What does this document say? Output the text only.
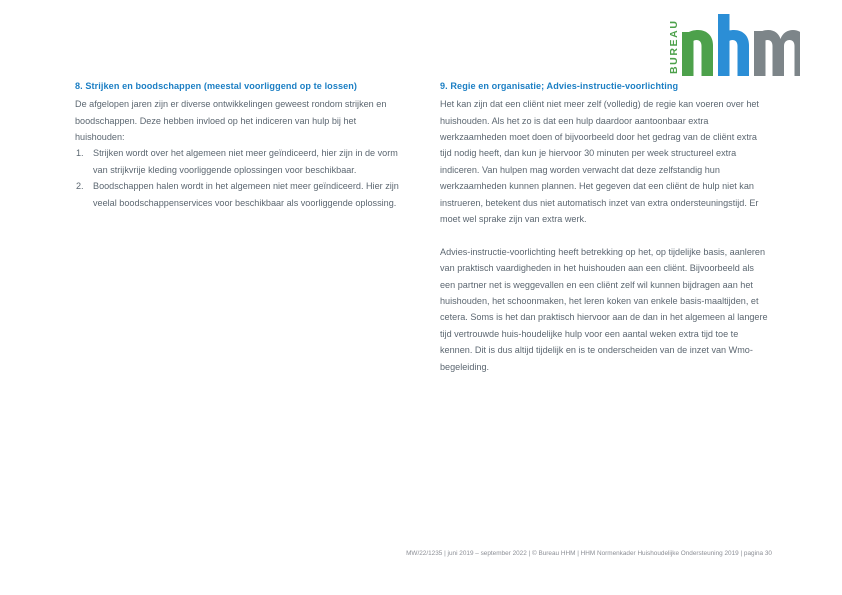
BUREAU
8. Strijken en boodschappen (meestal voorliggend op te lossen)

De afgelopen jaren zijn er diverse ontwikkelingen geweest rondom strijken en boodschappen. Deze hebben invloed op het indiceren van hulp bij het huishouden:

1.	Strijken wordt over het algemeen niet meer geïndiceerd, hier zijn in de vorm van strijkvrije kleding voorliggende oplossingen voor beschikbaar.
2.	Boodschappen halen wordt in het algemeen niet meer geïndiceerd. Hier zijn veelal boodschappenservices voor beschikbaar als voorliggende oplossing.
9. Regie en organisatie; Advies-instructie-voorlichting

Het kan zijn dat een cliënt niet meer zelf (volledig) de regie kan voeren over het huishouden. Als het zo is dat een hulp daardoor aantoonbaar extra werkzaamheden moet doen of bijvoorbeeld door het gedrag van de cliënt extra tijd nodig heeft, dan kun je hiervoor 30 minuten per week structureel extra indiceren. Van hulpen mag worden verwacht dat deze zelfstandig hun werkzaamheden kunnen plannen. Het gegeven dat een cliënt de hulp niet kan instrueren, betekent dus niet automatisch inzet van extra ondersteuningstijd. Er moet wel sprake zijn van extra werk.

Advies-instructie-voorlichting heeft betrekking op het, op tijdelijke basis, aanleren van praktisch vaardigheden in het huishouden aan een cliënt. Bijvoorbeeld als een partner net is weggevallen en een cliënt zelf wil kunnen bijdragen aan het huishouden, het schoonmaken, het leren koken van enkele basis-maaltijden, et cetera. Soms is het dan praktisch hiervoor aan de dan in het algemeen al langere tijd vertrouwde huis-houdelijke hulp voor een aantal weken extra tijd toe te kennen. Dit is dus altijd tijdelijk en is te onderscheiden van de inzet van Wmo-begeleiding.

MW/22/1235 | juni 2019 – september 2022 | © Bureau HHM | HHM Normenkader Huishoudelijke Ondersteuning 2019 | pagina 30
